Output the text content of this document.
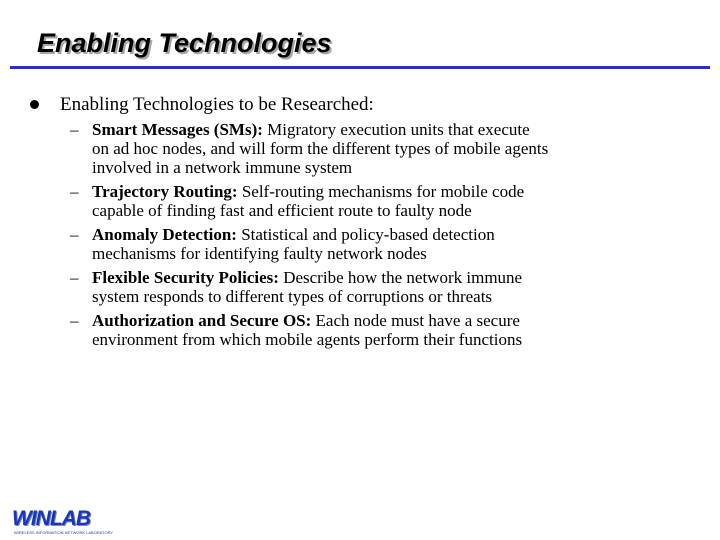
Enabling Technologies
Enabling Technologies to be Researched:
– Smart Messages (SMs): Migratory execution units that execute
on ad hoc nodes, and will form the different types of mobile agents
involved in a network immune system
– Trajectory Routing: Self-routing mechanisms for mobile code
capable of finding fast and efficient route to faulty node
– Anomaly Detection: Statistical and policy-based detection
mechanisms for identifying faulty network nodes
– Flexible Security Policies: Describe how the network immune
system responds to different types of corruptions or threats
– Authorization and Secure OS: Each node must have a secure
environment from which mobile agents perform their functions
WINLAB
WIRELESS INFORMATION NETWORK LABORATORY
